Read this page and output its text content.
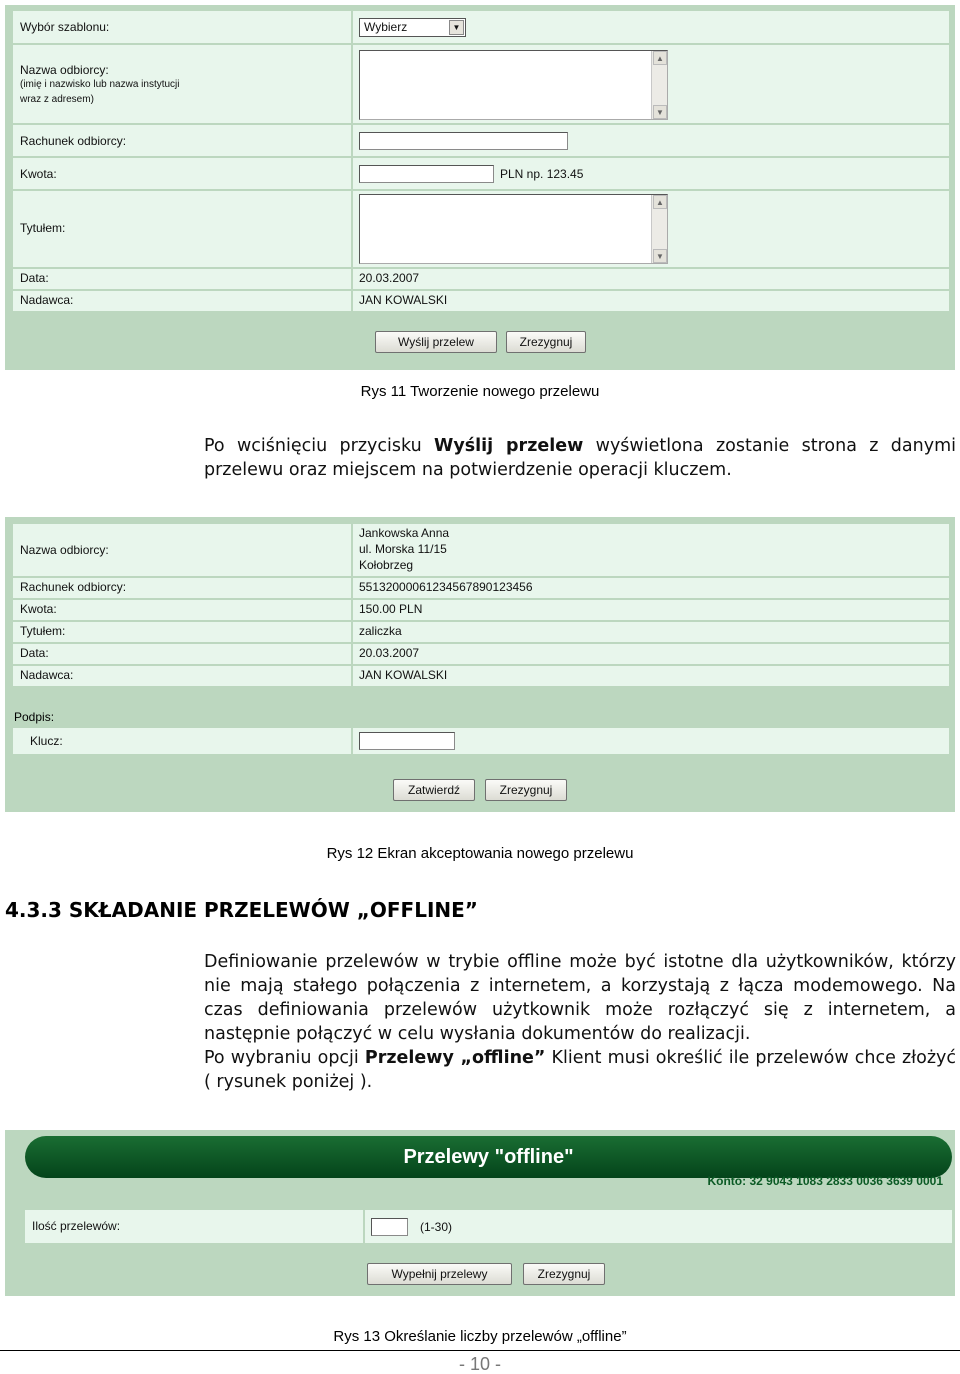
Wybór szablonu:	Wybierz	▼
Nazwa odbiorcy:
(imię i nazwisko lub nazwa instytucji
wraz z adresem)
▲
▼
Rachunek odbiorcy:
Kwota:	PLN np. 123.45
Tytułem:
▲
▼
Data:	20.03.2007
Nadawca:	JAN KOWALSKI
Wyślij przelew	Zrezygnuj
Rys 11 Tworzenie nowego przelewu
Po wciśnięciu przycisku Wyślij przelew wyświetlona zostanie strona z danymi przelewu oraz miejscem na potwierdzenie operacji kluczem.
Nazwa odbiorcy:
Jankowska Anna
ul. Morska 11/15
Kołobrzeg
Rachunek odbiorcy:	55132000061234567890123456
Kwota:	150.00 PLN
Tytułem:	zaliczka
Data:	20.03.2007
Nadawca:	JAN KOWALSKI
Podpis:
Klucz:
Zatwierdź	Zrezygnuj
Rys 12 Ekran akceptowania nowego przelewu
4.3.3 SKŁADANIE PRZELEWÓW „OFFLINE”
Definiowanie przelewów w trybie offline może być istotne dla użytkowników, którzy nie mają stałego połączenia z internetem, a korzystają z łącza modemowego. Na czas definiowania przelewów użytkownik może rozłączyć się z internetem, a następnie połączyć w celu wysłania dokumentów do realizacji.
Po wybraniu opcji Przelewy „offline” Klient musi określić ile przelewów chce złożyć ( rysunek poniżej ).
Przelewy "offline"
Konto: 32 9043 1083 2833 0036 3639 0001
Ilość przelewów:	(1-30)
Wypełnij przelewy	Zrezygnuj
Rys 13 Określanie liczby przelewów „offline”
- 10 -
